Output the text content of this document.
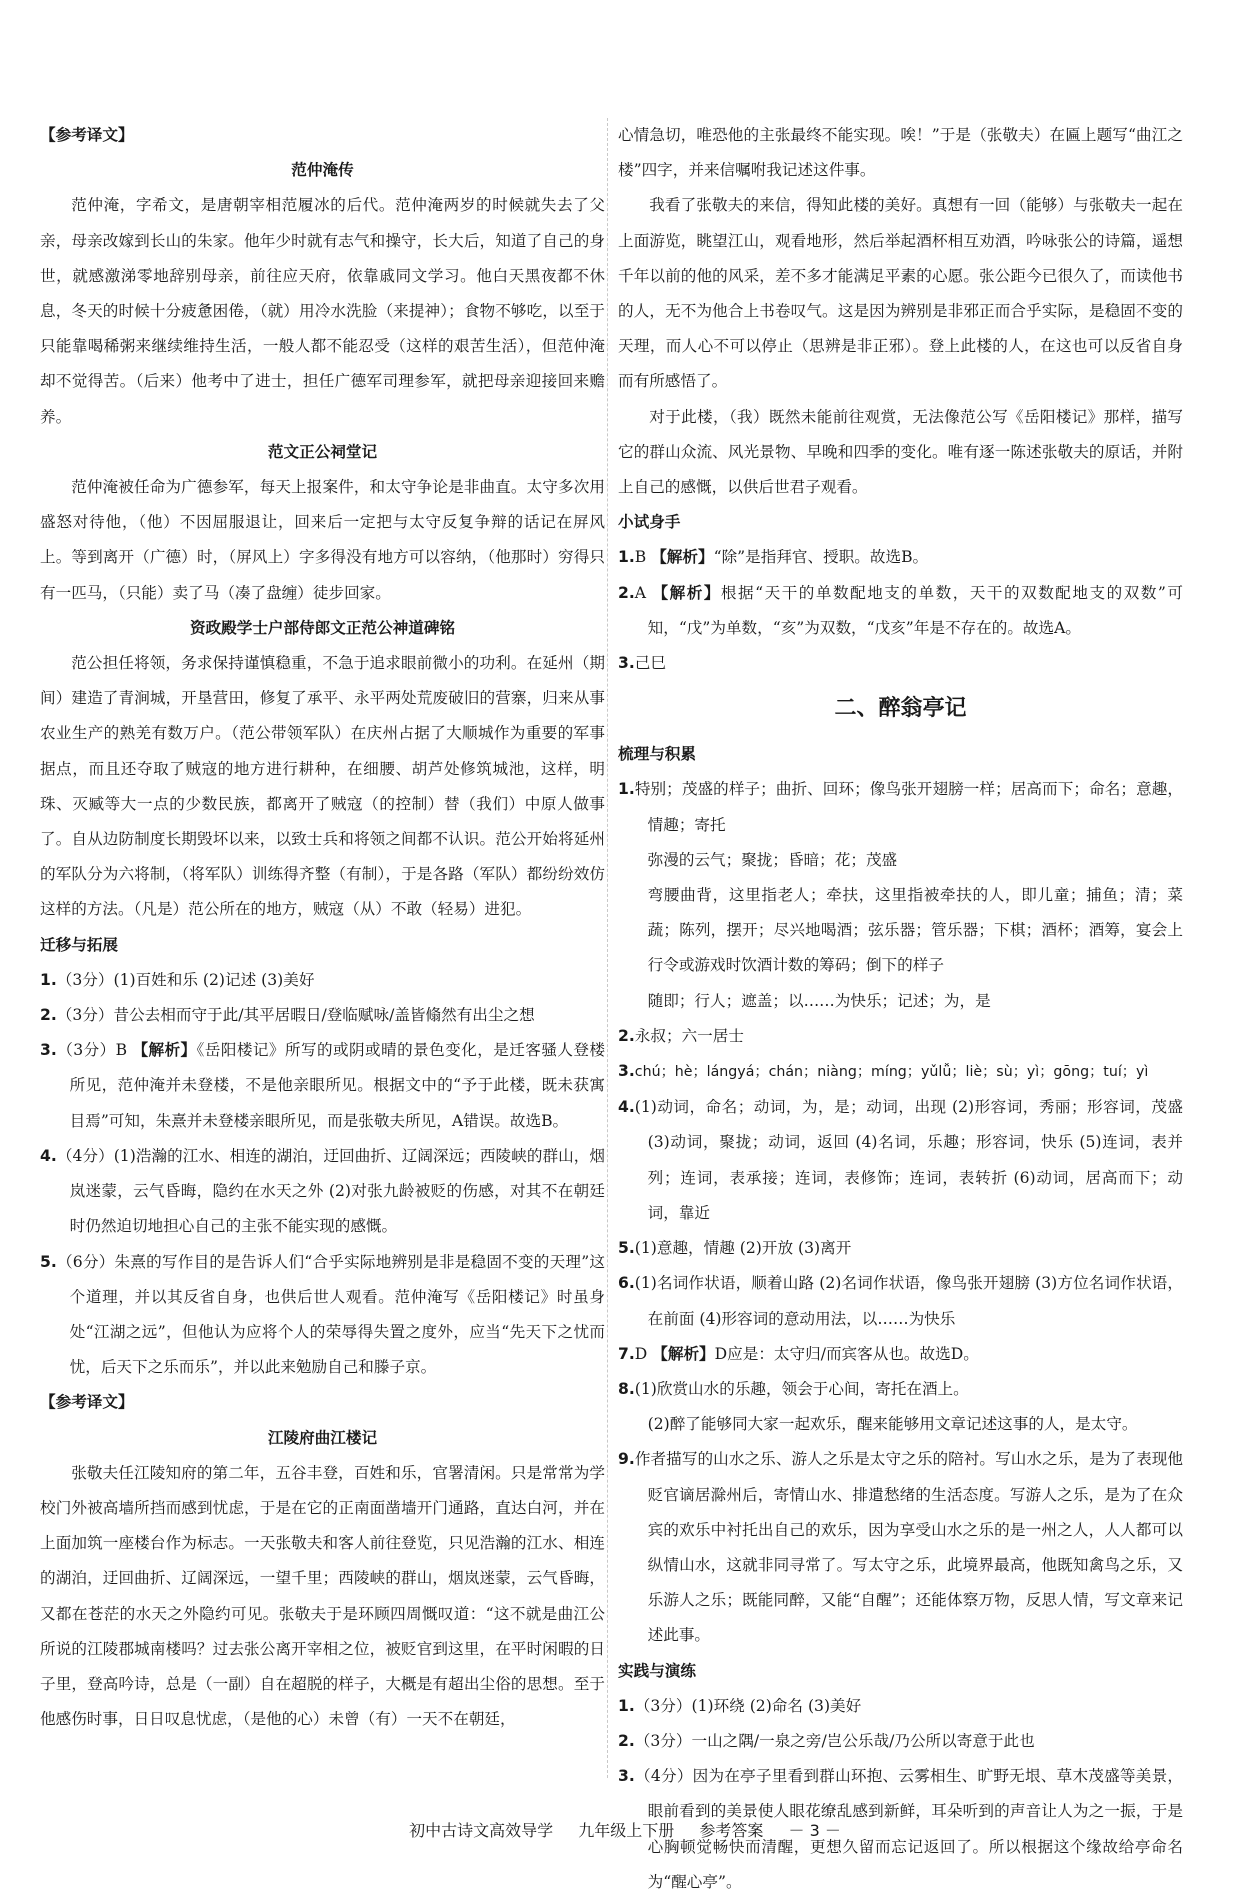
【参考译文】

范仲淹传

范仲淹，字希文，是唐朝宰相范履冰的后代。范仲淹两岁的时候就失去了父亲，母亲改嫁到长山的朱家。他年少时就有志气和操守，长大后，知道了自己的身世，就感激涕零地辞别母亲，前往应天府，依靠戚同文学习。他白天黑夜都不休息，冬天的时候十分疲惫困倦，（就）用冷水洗脸（来提神）；食物不够吃，以至于只能靠喝稀粥来继续维持生活，一般人都不能忍受（这样的艰苦生活），但范仲淹却不觉得苦。（后来）他考中了进士，担任广德军司理参军，就把母亲迎接回来赡养。

范文正公祠堂记

范仲淹被任命为广德参军，每天上报案件，和太守争论是非曲直。太守多次用盛怒对待他，（他）不因屈服退让，回来后一定把与太守反复争辩的话记在屏风上。等到离开（广德）时，（屏风上）字多得没有地方可以容纳，（他那时）穷得只有一匹马，（只能）卖了马（凑了盘缠）徒步回家。

资政殿学士户部侍郎文正范公神道碑铭

范公担任将领，务求保持谨慎稳重，不急于追求眼前微小的功利。在延州（期间）建造了青涧城，开垦营田，修复了承平、永平两处荒废破旧的营寨，归来从事农业生产的熟羌有数万户。（范公带领军队）在庆州占据了大顺城作为重要的军事据点，而且还夺取了贼寇的地方进行耕种，在细腰、胡芦处修筑城池，这样，明珠、灭臧等大一点的少数民族，都离开了贼寇（的控制）替（我们）中原人做事了。自从边防制度长期毁坏以来，以致士兵和将领之间都不认识。范公开始将延州的军队分为六将制，（将军队）训练得齐整（有制），于是各路（军队）都纷纷效仿这样的方法。（凡是）范公所在的地方，贼寇（从）不敢（轻易）进犯。

迁移与拓展

1.（3分）(1)百姓和乐 (2)记述 (3)美好

2.（3分）昔公去相而守于此/其平居暇日/登临赋咏/盖皆翛然有出尘之想

3.（3分）B 【解析】《岳阳楼记》所写的或阴或晴的景色变化，是迁客骚人登楼所见，范仲淹并未登楼，不是他亲眼所见。根据文中的“予于此楼，既未获寓目焉”可知，朱熹并未登楼亲眼所见，而是张敬夫所见，A错误。故选B。

4.（4分）(1)浩瀚的江水、相连的湖泊，迂回曲折、辽阔深远；西陵峡的群山，烟岚迷蒙，云气昏晦，隐约在水天之外 (2)对张九龄被贬的伤感，对其不在朝廷时仍然迫切地担心自己的主张不能实现的感慨。

5.（6分）朱熹的写作目的是告诉人们“合乎实际地辨别是非是稳固不变的天理”这个道理，并以其反省自身，也供后世人观看。范仲淹写《岳阳楼记》时虽身处“江湖之远”，但他认为应将个人的荣辱得失置之度外，应当“先天下之忧而忧，后天下之乐而乐”，并以此来勉励自己和滕子京。

【参考译文】

江陵府曲江楼记

张敬夫任江陵知府的第二年，五谷丰登，百姓和乐，官署清闲。只是常常为学校门外被高墙所挡而感到忧虑，于是在它的正南面凿墙开门通路，直达白河，并在上面加筑一座楼台作为标志。一天张敬夫和客人前往登览，只见浩瀚的江水、相连的湖泊，迂回曲折、辽阔深远，一望千里；西陵峡的群山，烟岚迷蒙，云气昏晦，又都在苍茫的水天之外隐约可见。张敬夫于是环顾四周慨叹道：“这不就是曲江公所说的江陵郡城南楼吗？过去张公离开宰相之位，被贬官到这里，在平时闲暇的日子里，登高吟诗，总是（一副）自在超脱的样子，大概是有超出尘俗的思想。至于他感伤时事，日日叹息忧虑，（是他的心）未曾（有）一天不在朝廷，

心情急切，唯恐他的主张最终不能实现。唉！”于是（张敬夫）在匾上题写“曲江之楼”四字，并来信嘱咐我记述这件事。

我看了张敬夫的来信，得知此楼的美好。真想有一回（能够）与张敬夫一起在上面游览，眺望江山，观看地形，然后举起酒杯相互劝酒，吟咏张公的诗篇，遥想千年以前的他的风采，差不多才能满足平素的心愿。张公距今已很久了，而读他书的人，无不为他合上书卷叹气。这是因为辨别是非邪正而合乎实际，是稳固不变的天理，而人心不可以停止（思辨是非正邪）。登上此楼的人，在这也可以反省自身而有所感悟了。

对于此楼，（我）既然未能前往观赏，无法像范公写《岳阳楼记》那样，描写它的群山众流、风光景物、早晚和四季的变化。唯有逐一陈述张敬夫的原话，并附上自己的感慨，以供后世君子观看。

小试身手

1.B 【解析】“除”是指拜官、授职。故选B。

2.A 【解析】根据“天干的单数配地支的单数，天干的双数配地支的双数”可知，“戊”为单数，“亥”为双数，“戊亥”年是不存在的。故选A。

3.己巳

二、醉翁亭记

梳理与积累

1.特别；茂盛的样子；曲折、回环；像鸟张开翅膀一样；居高而下；命名；意趣，情趣；寄托

弥漫的云气；聚拢；昏暗；花；茂盛

弯腰曲背，这里指老人；牵扶，这里指被牵扶的人，即儿童；捕鱼；清；菜蔬；陈列，摆开；尽兴地喝酒；弦乐器；管乐器；下棋；酒杯；酒筹，宴会上行令或游戏时饮酒计数的筹码；倒下的样子

随即；行人；遮盖；以……为快乐；记述；为，是

2.永叔；六一居士

3.chú；hè；lángyá；chán；niàng；míng；yǔlǚ；liè；sù；yì；gōng；tuí；yì

4.(1)动词，命名；动词，为，是；动词，出现 (2)形容词，秀丽；形容词，茂盛 (3)动词，聚拢；动词，返回 (4)名词，乐趣；形容词，快乐 (5)连词，表并列；连词，表承接；连词，表修饰；连词，表转折 (6)动词，居高而下；动词，靠近

5.(1)意趣，情趣 (2)开放 (3)离开

6.(1)名词作状语，顺着山路 (2)名词作状语，像鸟张开翅膀 (3)方位名词作状语，在前面 (4)形容词的意动用法，以……为快乐

7.D 【解析】D应是：太守归/而宾客从也。故选D。

8.(1)欣赏山水的乐趣，领会于心间，寄托在酒上。

(2)醉了能够同大家一起欢乐，醒来能够用文章记述这事的人，是太守。

9.作者描写的山水之乐、游人之乐是太守之乐的陪衬。写山水之乐，是为了表现他贬官谪居滁州后，寄情山水、排遣愁绪的生活态度。写游人之乐，是为了在众宾的欢乐中衬托出自己的欢乐，因为享受山水之乐的是一州之人，人人都可以纵情山水，这就非同寻常了。写太守之乐，此境界最高，他既知禽鸟之乐，又乐游人之乐；既能同醉，又能“自醒”；还能体察万物，反思人情，写文章来记述此事。

实践与演练

1.（3分）(1)环绕 (2)命名 (3)美好

2.（3分）一山之隅/一泉之旁/岂公乐哉/乃公所以寄意于此也

3.（4分）因为在亭子里看到群山环抱、云雾相生、旷野无垠、草木茂盛等美景，眼前看到的美景使人眼花缭乱感到新鲜，耳朵听到的声音让人为之一振，于是心胸顿觉畅快而清醒，更想久留而忘记返回了。所以根据这个缘故给亭命名为“醒心亭”。

初中古诗文高效导学 九年级上下册 参考答案 － 3 －
